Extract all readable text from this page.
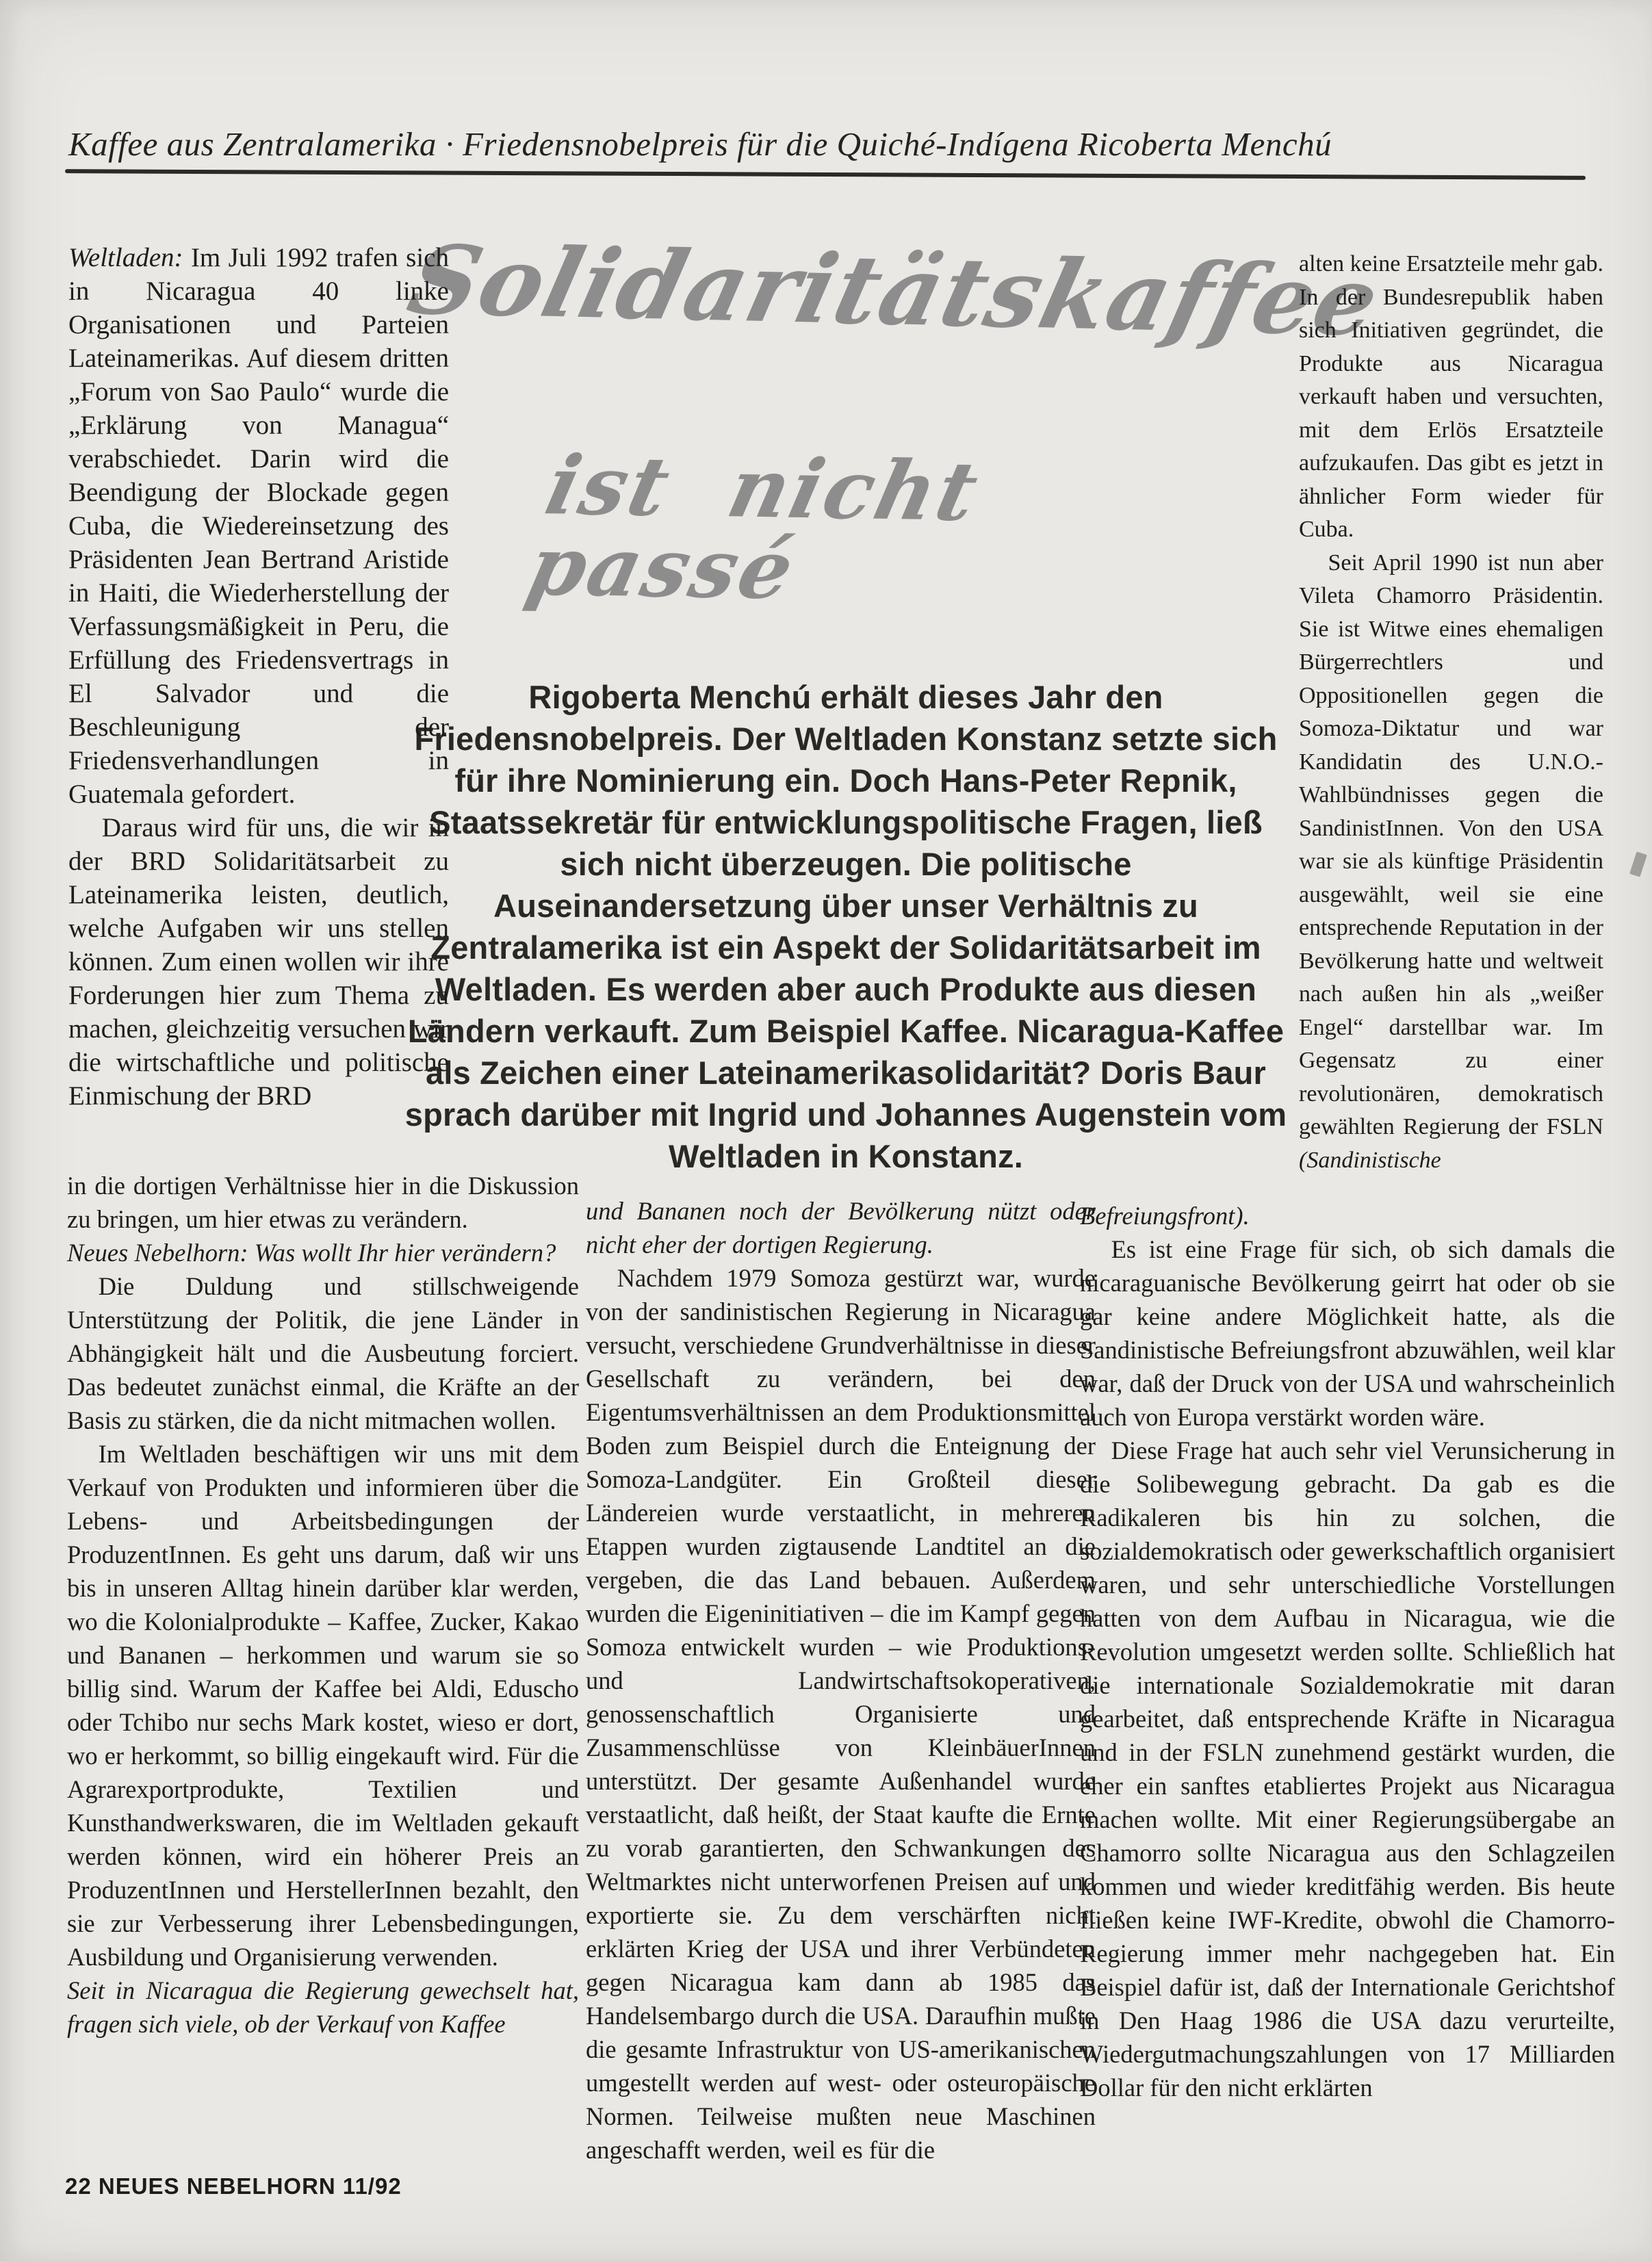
Kaffee aus Zentralamerika · Friedensnobelpreis für die Quiché-Indígena Ricoberta Menchú
Solidaritätskaffee
ist nicht passé
Rigoberta Menchú erhält dieses Jahr den Friedensnobelpreis. Der Weltladen Konstanz setzte sich für ihre Nominierung ein. Doch Hans-Peter Repnik, Staatssekretär für entwicklungspolitische Fragen, ließ sich nicht überzeugen. Die politische Auseinandersetzung über unser Verhältnis zu Zentralamerika ist ein Aspekt der Solidaritätsarbeit im Weltladen. Es werden aber auch Produkte aus diesen Ländern verkauft. Zum Beispiel Kaffee. Nicaragua-Kaffee als Zeichen einer Lateinamerikasolidarität? Doris Baur sprach darüber mit Ingrid und Johannes Augenstein vom Weltladen in Konstanz.

Weltladen: Im Juli 1992 trafen sich in Nicaragua 40 linke Organisationen und Parteien Lateinamerikas. Auf diesem dritten „Forum von Sao Paulo“ wurde die „Erklärung von Managua“ verabschiedet. Darin wird die Beendigung der Blockade gegen Cuba, die Wiedereinsetzung des Präsidenten Jean Bertrand Aristide in Haiti, die Wiederherstellung der Verfassungsmäßigkeit in Peru, die Erfüllung des Friedensvertrags in El Salvador und die Beschleunigung der Friedensverhandlungen in Guatemala gefordert.

Daraus wird für uns, die wir in der BRD Solidaritätsarbeit zu Lateinamerika leisten, deutlich, welche Aufgaben wir uns stellen können. Zum einen wollen wir ihre Forderungen hier zum Thema zu machen, gleichzeitig versuchen wir die wirtschaftliche und politische Einmischung der BRD

in die dortigen Verhältnisse hier in die Diskussion zu bringen, um hier etwas zu verändern.

Neues Nebelhorn: Was wollt Ihr hier verändern?

Die Duldung und stillschweigende Unterstützung der Politik, die jene Länder in Abhängigkeit hält und die Ausbeutung forciert. Das bedeutet zunächst einmal, die Kräfte an der Basis zu stärken, die da nicht mitmachen wollen.

Im Weltladen beschäftigen wir uns mit dem Verkauf von Produkten und informieren über die Lebens- und Arbeitsbedingungen der ProduzentInnen. Es geht uns darum, daß wir uns bis in unseren Alltag hinein darüber klar werden, wo die Kolonialprodukte – Kaffee, Zucker, Kakao und Bananen – herkommen und warum sie so billig sind. Warum der Kaffee bei Aldi, Eduscho oder Tchibo nur sechs Mark kostet, wieso er dort, wo er herkommt, so billig eingekauft wird. Für die Agrarexportprodukte, Textilien und Kunsthandwerkswaren, die im Weltladen gekauft werden können, wird ein höherer Preis an ProduzentInnen und HerstellerInnen bezahlt, den sie zur Verbesserung ihrer Lebensbedingungen, Ausbildung und Organisierung verwenden.

Seit in Nicaragua die Regierung gewechselt hat, fragen sich viele, ob der Verkauf von Kaffee

und Bananen noch der Bevölkerung nützt oder nicht eher der dortigen Regierung.

Nachdem 1979 Somoza gestürzt war, wurde von der sandinistischen Regierung in Nicaragua versucht, verschiedene Grundverhältnisse in dieser Gesellschaft zu verändern, bei den Eigentumsverhältnissen an dem Produktionsmittel Boden zum Beispiel durch die Enteignung der Somoza-Landgüter. Ein Großteil dieser Ländereien wurde verstaatlicht, in mehreren Etappen wurden zigtausende Landtitel an die vergeben, die das Land bebauen. Außerdem wurden die Eigeninitiativen – die im Kampf gegen Somoza entwickelt wurden – wie Produktions- und Landwirtschaftsokoperativen, genossenschaftlich Organisierte und Zusammenschlüsse von KleinbäuerInnen unterstützt. Der gesamte Außenhandel wurde verstaatlicht, daß heißt, der Staat kaufte die Ernte zu vorab garantierten, den Schwankungen des Weltmarktes nicht unterworfenen Preisen auf und exportierte sie. Zu dem verschärften nicht erklärten Krieg der USA und ihrer Verbündeten gegen Nicaragua kam dann ab 1985 das Handelsembargo durch die USA. Daraufhin mußte die gesamte Infrastruktur von US-amerikanischen umgestellt werden auf west- oder osteuropäische Normen. Teilweise mußten neue Maschinen angeschafft werden, weil es für die

alten keine Ersatzteile mehr gab. In der Bundesrepublik haben sich Initiativen gegründet, die Produkte aus Nicaragua verkauft haben und versuchten, mit dem Erlös Ersatzteile aufzukaufen. Das gibt es jetzt in ähnlicher Form wieder für Cuba.

Seit April 1990 ist nun aber Vileta Chamorro Präsidentin. Sie ist Witwe eines ehemaligen Bürgerrechtlers und Oppositionellen gegen die Somoza-Diktatur und war Kandidatin des U.N.O.-Wahlbündnisses gegen die SandinistInnen. Von den USA war sie als künftige Präsidentin ausgewählt, weil sie eine entsprechende Reputation in der Bevölkerung hatte und weltweit nach außen hin als „weißer Engel“ darstellbar war. Im Gegensatz zu einer revolutionären, demokratisch gewählten Regierung der FSLN (Sandinistische

Befreiungsfront).

Es ist eine Frage für sich, ob sich damals die nicaraguanische Bevölkerung geirrt hat oder ob sie gar keine andere Möglichkeit hatte, als die Sandinistische Befreiungsfront abzuwählen, weil klar war, daß der Druck von der USA und wahrscheinlich auch von Europa verstärkt worden wäre.

Diese Frage hat auch sehr viel Verunsicherung in die Solibewegung gebracht. Da gab es die Radikaleren bis hin zu solchen, die sozialdemokratisch oder gewerkschaftlich organisiert waren, und sehr unterschiedliche Vorstellungen hatten von dem Aufbau in Nicaragua, wie die Revolution umgesetzt werden sollte. Schließlich hat die internationale Sozialdemokratie mit daran gearbeitet, daß entsprechende Kräfte in Nicaragua und in der FSLN zunehmend gestärkt wurden, die eher ein sanftes etabliertes Projekt aus Nicaragua machen wollte. Mit einer Regierungsübergabe an Chamorro sollte Nicaragua aus den Schlagzeilen kommen und wieder kreditfähig werden. Bis heute fließen keine IWF-Kredite, obwohl die Chamorro-Regierung immer mehr nachgegeben hat. Ein Beispiel dafür ist, daß der Internationale Gerichtshof in Den Haag 1986 die USA dazu verurteilte, Wiedergutmachungszahlungen von 17 Milliarden Dollar für den nicht erklärten

22 NEUES NEBELHORN 11/92
